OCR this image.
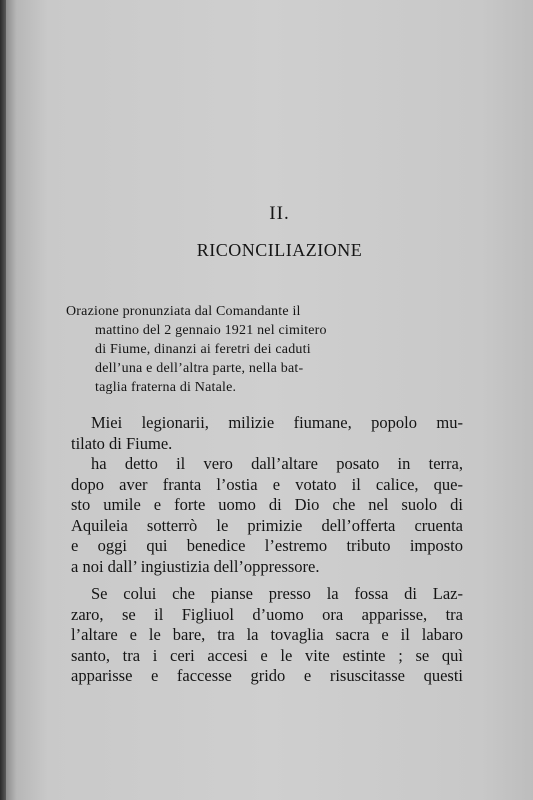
II.
RICONCILIAZIONE
Orazione pronunziata dal Comandante il
mattino del 2 gennaio 1921 nel cimitero
di Fiume, dinanzi ai feretri dei caduti
dell’una e dell’altra parte, nella bat-
taglia fraterna di Natale.
Miei legionarii, milizie fiumane, popolo mu-
tilato di Fiume.
ha detto il vero dall’altare posato in terra,
dopo aver franta l’ostia e votato il calice, que-
sto umile e forte uomo di Dio che nel suolo di
Aquileia sotterrò le primizie dell’offerta cruenta
e oggi qui benedice l’estremo tributo imposto
a noi dall’ ingiustizia dell’oppressore.
Se colui che pianse presso la fossa di Laz-
zaro, se il Figliuol d’uomo ora apparisse, tra
l’altare e le bare, tra la tovaglia sacra e il labaro
santo, tra i ceri accesi e le vite estinte ; se quì
apparisse e faccesse grido e risuscitasse questi
